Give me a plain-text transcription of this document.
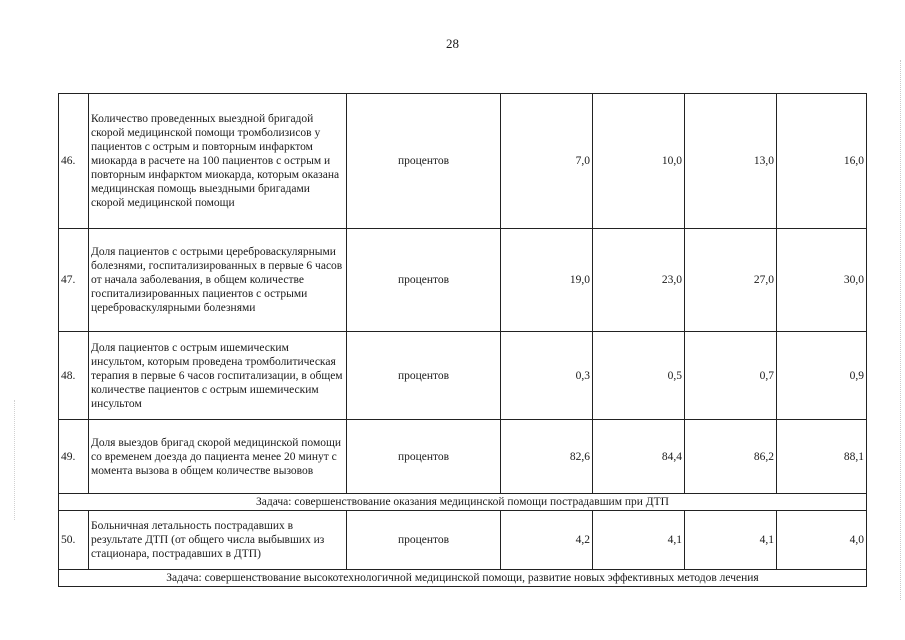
28
46.	Количество проведенных выездной бригадой скорой медицинской помощи тромболизисов у пациентов с острым и повторным инфарктом миокарда в расчете на 100 пациентов с острым и повторным инфарктом миокарда, которым оказана медицинская помощь выездными бригадами скорой медицинской помощи	процентов	7,0	10,0	13,0	16,0
47.	Доля пациентов с острыми цереброваскулярными болезнями, госпитализированных в первые 6 часов от начала заболевания, в общем количестве госпитализированных пациентов с острыми цереброваскулярными болезнями	процентов	19,0	23,0	27,0	30,0
48.	Доля пациентов с острым ишемическим инсультом, которым проведена тромболитическая терапия в первые 6 часов госпитализации, в общем количестве пациентов с острым ишемическим инсультом	процентов	0,3	0,5	0,7	0,9
49.	Доля выездов бригад скорой медицинской помощи со временем доезда до пациента менее 20 минут с момента вызова в общем количестве вызовов	процентов	82,6	84,4	86,2	88,1
Задача: совершенствование оказания медицинской помощи пострадавшим при ДТП						
50.	Больничная летальность пострадавших в результате ДТП (от общего числа выбывших из стационара, пострадавших в ДТП)	процентов	4,2	4,1	4,1	4,0
Задача: совершенствование высокотехнологичной медицинской помощи, развитие новых эффективных методов лечения						
